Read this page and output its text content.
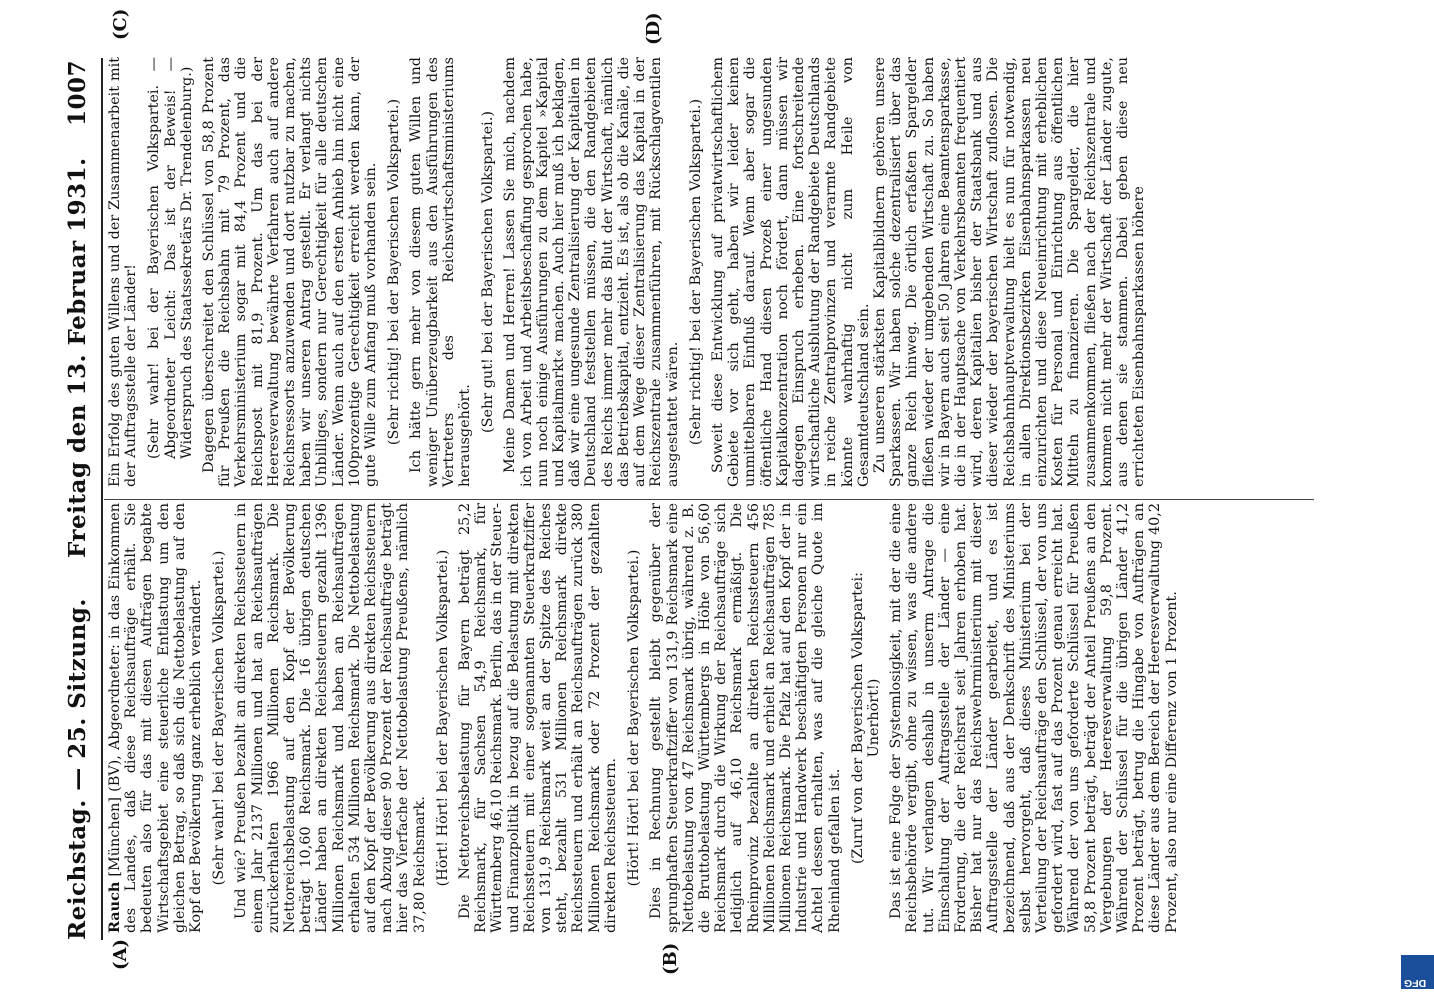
Reichstag. — 25. Sitzung.
Freitag den 13. Februar 1931.
1007
(A)	(B)
(C)	(D)

Rauch [München] (BV), Abgeordneter: in das Einkommen des Landes, daß diese Reichsaufträge erhält. Sie bedeuten also für das mit diesen Aufträgen begabte Wirtschaftsgebiet eine steuerliche Entlastung um den gleichen Betrag, so daß sich die Nettobelastung auf den Kopf der Bevölkerung ganz erheblich verändert. (Sehr wahr! bei der Bayerischen Volkspartei.) Und wie? Preußen bezahlt an direkten Reichssteuern in einem Jahr 2137 Millionen und hat an Reichsaufträgen zurückerhalten 1966 Millionen Reichsmark. Die Nettoreichsbelastung auf den Kopf der Bevölkerung beträgt 10,60 Reichsmark. Die 16 übrigen deutschen Länder haben an direkten Reichssteuern gezahlt 1396 Millionen Reichsmark und haben an Reichsaufträgen erhalten 534 Millionen Reichsmark. Die Nettobelastung auf den Kopf der Bevölkerung aus direkten Reichssteuern nach Abzug dieser 90 Prozent der Reichsaufträge beträgt hier das Vierfache der Nettobelastung Preußens, nämlich 37,80 Reichsmark. (Hört! Hört! bei der Bayerischen Volkspartei.) Die Nettoreichsbelastung für Bayern beträgt 25,2 Reichsmark, für Sachsen 54,9 Reichsmark, für Württemberg 46,10 Reichsmark. Berlin, das in der Steuer- und Finanzpolitik in bezug auf die Belastung mit direkten Reichssteuern mit einer sogenannten Steuerkraftziffer von 131,9 Reichsmark weit an der Spitze des Reiches steht, bezahlt 531 Millionen Reichsmark direkte Reichssteuern und erhält an Reichsaufträgen zurück 380 Millionen Reichsmark oder 72 Prozent der gezahlten direkten Reichssteuern. (Hört! Hört! bei der Bayerischen Volkspartei.) Dies in Rechnung gestellt bleibt gegenüber der sprunghaften Steuerkraftziffer von 131,9 Reichsmark eine Nettobelastung von 47 Reichsmark übrig, während z. B. die Bruttobelastung Württembergs in Höhe von 56,60 Reichsmark durch die Wirkung der Reichsaufträge sich lediglich auf 46,10 Reichsmark ermäßigt. Die Rheinprovinz bezahlte an direkten Reichssteuern 456 Millionen Reichsmark und erhielt an Reichsaufträgen 785 Millionen Reichsmark. Die Pfalz hat auf den Kopf der in Industrie und Handwerk beschäftigten Personen nur ein Achtel dessen erhalten, was auf die gleiche Quote im Rheinland gefallen ist. (Zuruf von der Bayerischen Volkspartei: Unerhört!) Das ist eine Folge der Systemlosigkeit, mit der die eine Reichsbehörde vergibt, ohne zu wissen, was die andere tut. Wir verlangen deshalb in unserm Antrage die Einschaltung der Auftragsstelle der Länder — eine Forderung, die der Reichsrat seit Jahren erhoben hat. Bisher hat nur das Reichswehrministerium mit dieser Auftragsstelle der Länder gearbeitet, und es ist bezeichnend, daß aus der Denkschrift des Ministeriums selbst hervorgeht, daß dieses Ministerium bei der Verteilung der Reichsaufträge den Schlüssel, der von uns gefordert wird, fast auf das Prozent genau erreicht hat. Während der von uns geforderte Schlüssel für Preußen 58,8 Prozent beträgt, beträgt der Anteil Preußens an den Vergebungen der Heeresverwaltung 59,8 Prozent. Während der Schlüssel für die übrigen Länder 41,2 Prozent beträgt, betrug die Hingabe von Aufträgen an diese Länder aus dem Bereich der Heeresverwaltung 40,2 Prozent, also nur eine Differenz von 1 Prozent.

Ein Erfolg des guten Willens und der Zusammenarbeit mit der Auftragsstelle der Länder! (Sehr wahr! bei der Bayerischen Volkspartei. — Abgeordneter Leicht: Das ist der Beweis! — Widerspruch des Staatssekretärs Dr. Trendelenburg.) Dagegen überschreitet den Schlüssel von 58,8 Prozent für Preußen die Reichsbahn mit 79 Prozent, das Verkehrsministerium sogar mit 84,4 Prozent und die Reichspost mit 81,9 Prozent. Um das bei der Heeresverwaltung bewährte Verfahren auch auf andere Reichsressorts anzuwenden und dort nutzbar zu machen, haben wir unseren Antrag gestellt. Er verlangt nichts Unbilliges, sondern nur Gerechtigkeit für alle deutschen Länder. Wenn auch auf den ersten Anhieb hin nicht eine 100prozentige Gerechtigkeit erreicht werden kann, der gute Wille zum Anfang muß vorhanden sein. (Sehr richtig! bei der Bayerischen Volkspartei.) Ich hätte gern mehr von diesem guten Willen und weniger Unüberzeugbarkeit aus den Ausführungen des Vertreters des Reichswirtschaftsministeriums herausgehört.

(Sehr gut! bei der Bayerischen Volkspartei.) Meine Damen und Herren! Lassen Sie mich, nachdem ich von Arbeit und Arbeitsbeschaffung gesprochen habe, nun noch einige Ausführungen zu dem Kapitel »Kapital und Kapitalmarkt« machen. Auch hier muß ich beklagen, daß wir eine ungesunde Zentralisierung der Kapitalien in Deutschland feststellen müssen, die den Randgebieten des Reichs immer mehr das Blut der Wirtschaft, nämlich das Betriebskapital, entzieht. Es ist, als ob die Kanäle, die auf dem Wege dieser Zentralisierung das Kapital in der Reichszentrale zusammenführen, mit Rückschlagventilen ausgestattet wären. (Sehr richtig! bei der Bayerischen Volkspartei.) Soweit diese Entwicklung auf privatwirtschaftlichem Gebiete vor sich geht, haben wir leider keinen unmittelbaren Einfluß darauf. Wenn aber sogar die öffentliche Hand diesen Prozeß einer ungesunden Kapitalkonzentration noch fördert, dann müssen wir dagegen Einspruch erheben. Eine fortschreitende wirtschaftliche Ausblutung der Randgebiete Deutschlands in reiche Zentralprovinzen und verarmte Randgebiete könnte wahrhaftig nicht zum Heile von Gesamtdeutschland sein. Zu unseren stärksten Kapitalbildnern gehören unsere Sparkassen. Wir haben solche dezentralisiert über das ganze Reich hinweg. Die örtlich erfaßten Spargelder fließen wieder der umgebenden Wirtschaft zu. So haben wir in Bayern auch seit 50 Jahren eine Beamtensparkasse, die in der Hauptsache von Verkehrsbeamten frequentiert wird, deren Kapitalien bisher der Staatsbank und aus dieser wieder der bayerischen Wirtschaft zuflossen. Die Reichsbahnhauptverwaltung hielt es nun für notwendig, in allen Direktionsbezirken Eisenbahnsparkassen neu einzurichten und diese Neueinrichtung mit erheblichen Kosten für Personal und Einrichtung aus öffentlichen Mitteln zu finanzieren. Die Spargelder, die hier zusammenkommen, fließen nach der Reichszentrale und kommen nicht mehr der Wirtschaft der Länder zugute, aus denen sie stammen. Dabei geben diese neu errichteten Eisenbahnsparkassen höhere

DFG
